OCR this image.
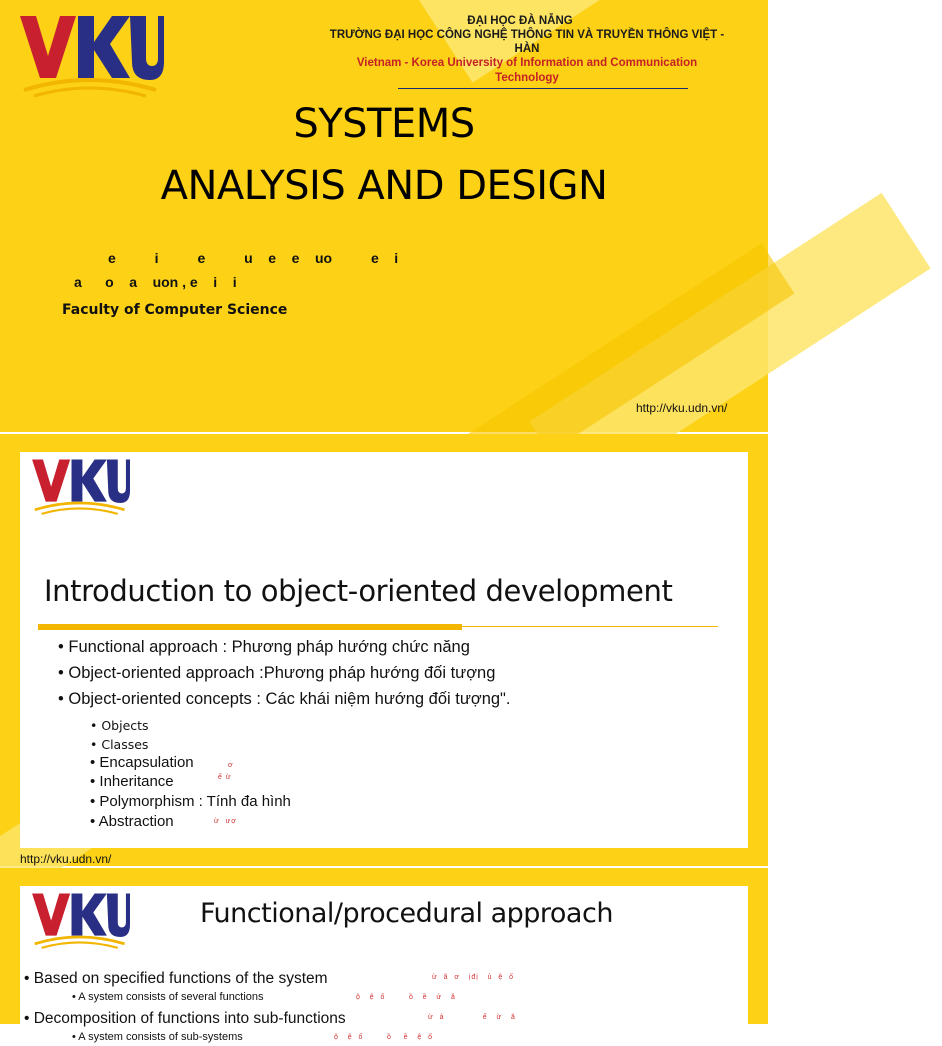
ĐẠI HỌC ĐÀ NẴNG
TRƯỜNG ĐẠI HỌC CÔNG NGHỆ THÔNG TIN VÀ TRUYỀN THÔNG VIỆT - HÀN
Vietnam - Korea University of Information and Communication Technology
SYSTEMS
ANALYSIS AND DESIGN
e          i          e          u    e    e    uo          e    i
a      o    a    uon , e    i    i
Faculty of Computer Science
http://vku.udn.vn/
Introduction to object-oriented development
• Functional approach : Phương pháp hướng chức năng
• Object-oriented approach :Phương pháp hướng đối tượng
• Object-oriented concepts : Các khái niệm hướng đối tượng".
• Objects
• Classes
• Encapsulation
• Inheritance
• Polymorphism : Tính đa hình
• Abstraction
ơ
ế ừ
ừ  ượ
http://vku.udn.vn/
Functional/procedural approach
• Based on specified functions of the system
• A system consists of several functions
• Decomposition of functions into sub-functions
• A system consists of sub-systems
ừ  ã  ơ   ịđị   ủ  ệ  ố
ộ   ệ  ố        ồ   ề   ứ   ă
ừ  ả             ế   ừ   ă
ộ   ệ  ố        ồ    ề   ệ  ố
